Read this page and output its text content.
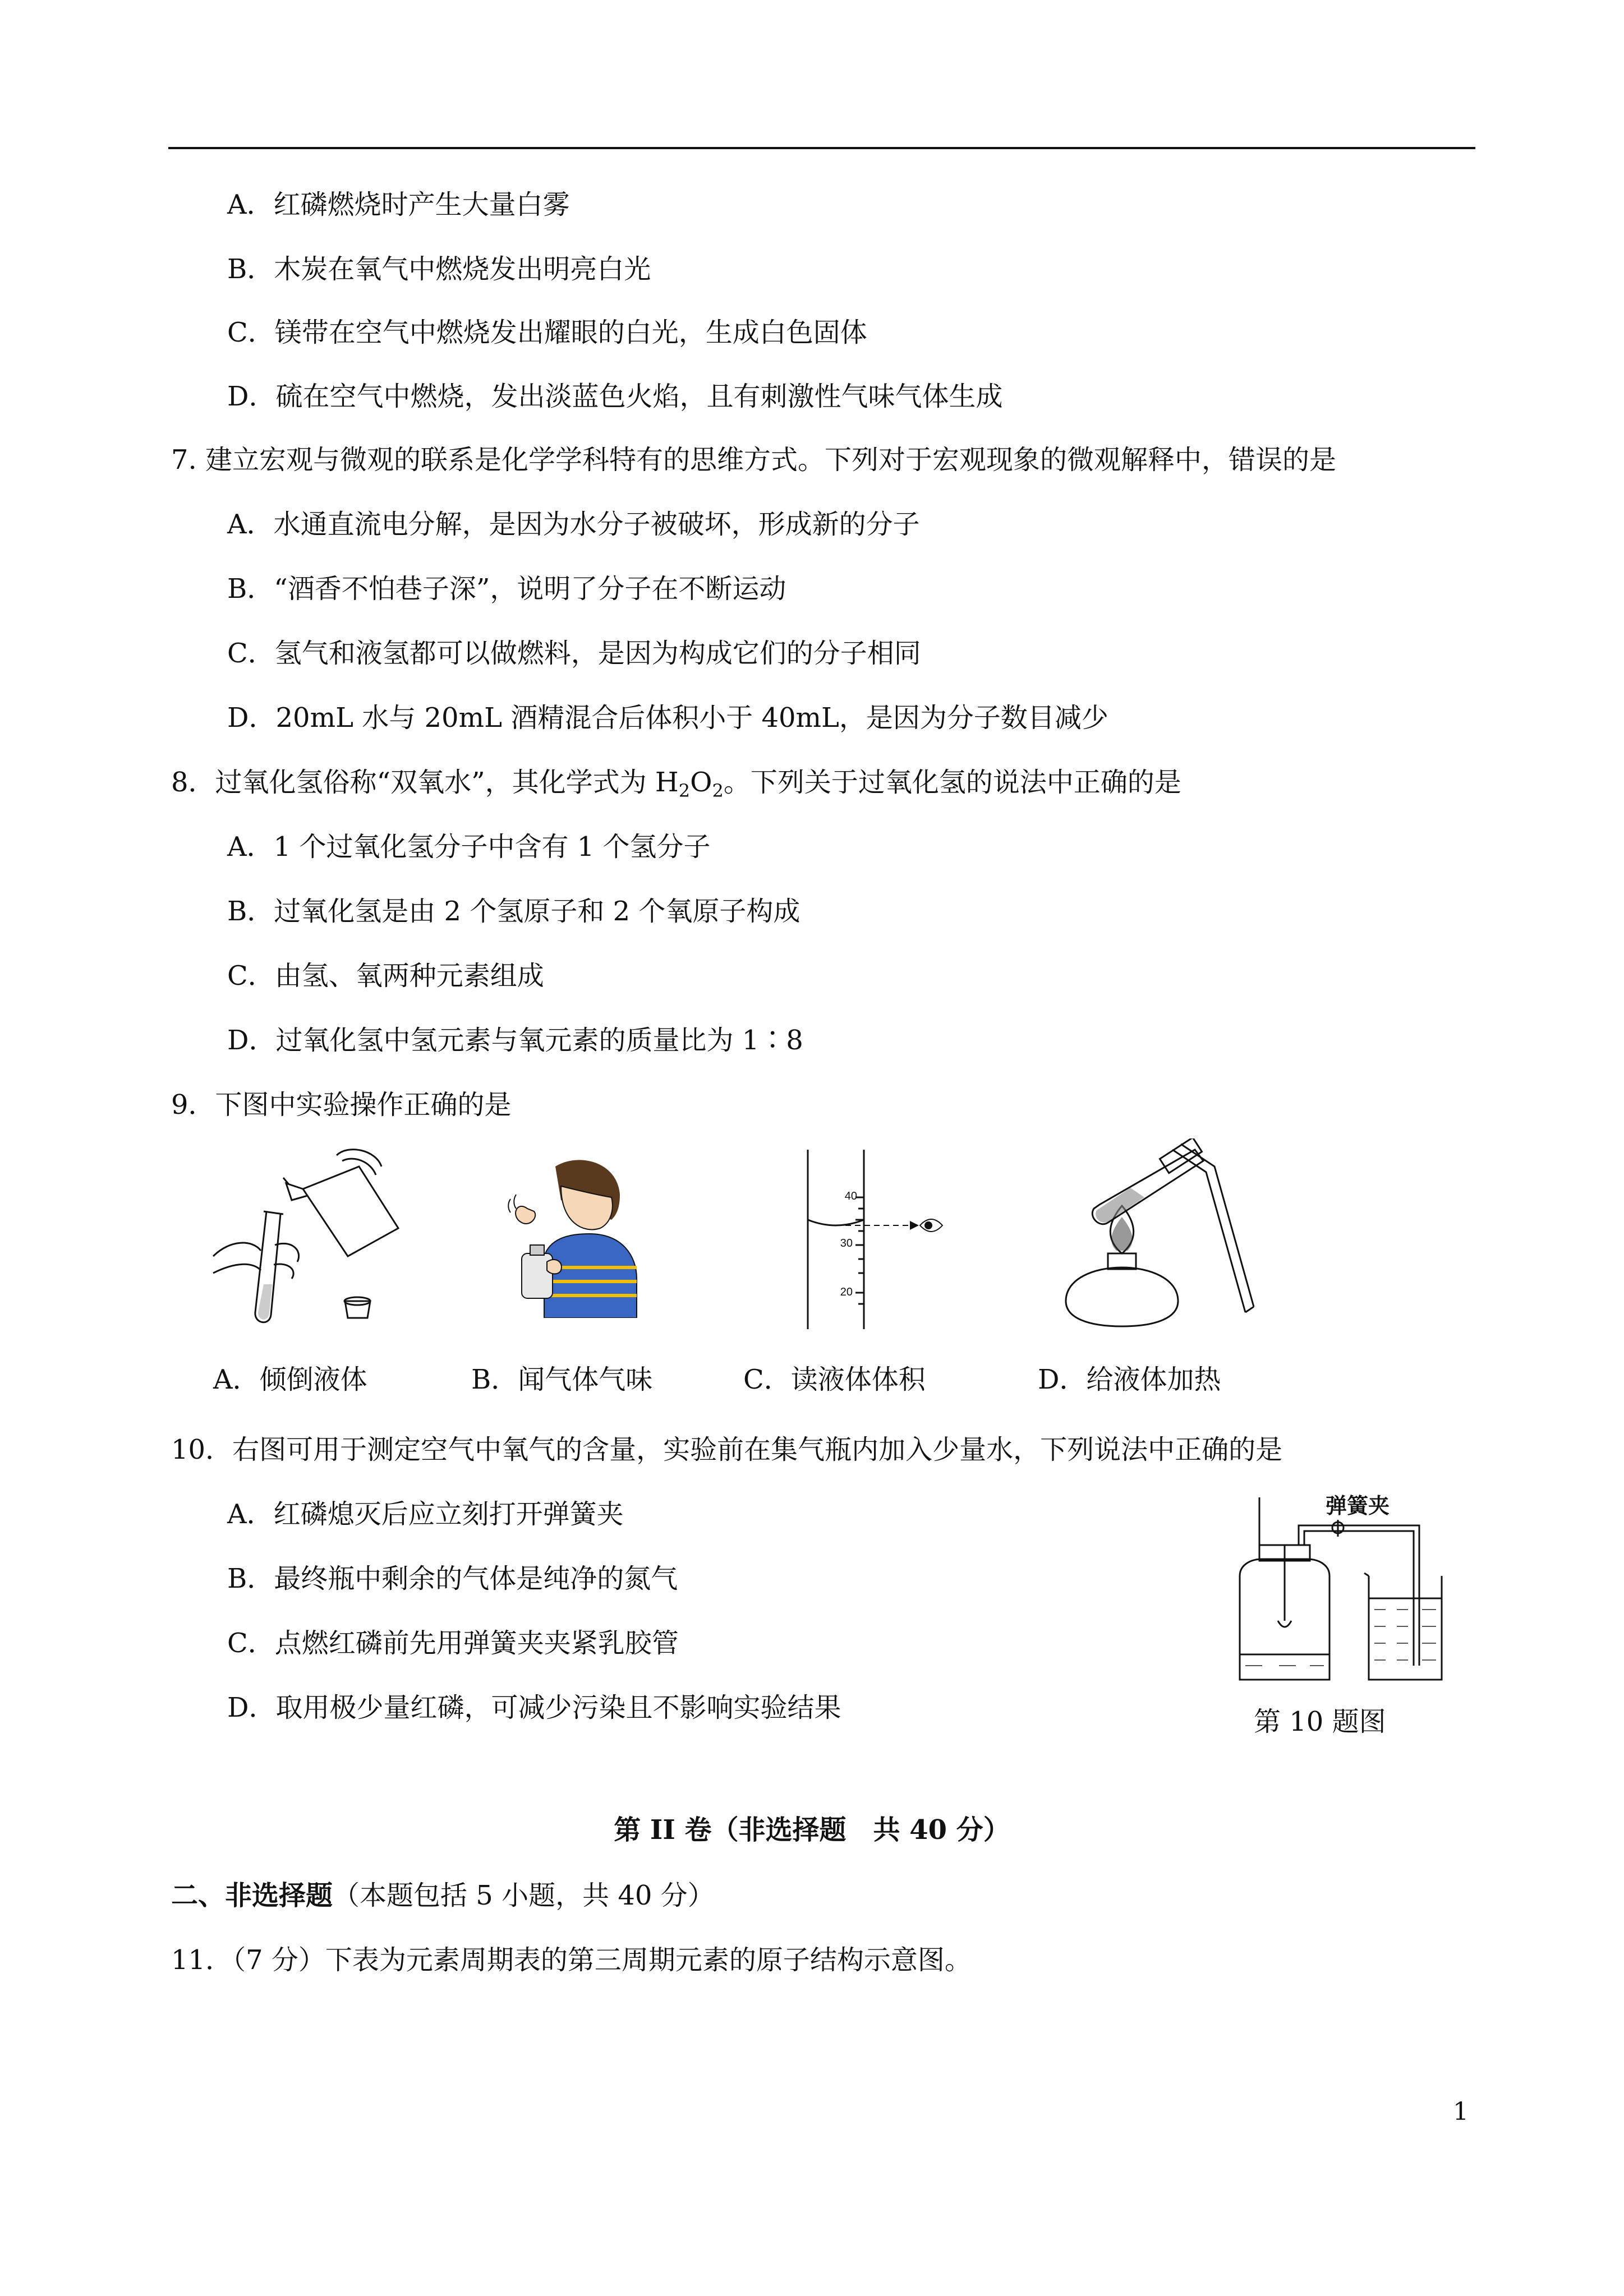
A．红磷燃烧时产生大量白雾
B．木炭在氧气中燃烧发出明亮白光
C．镁带在空气中燃烧发出耀眼的白光，生成白色固体
D．硫在空气中燃烧，发出淡蓝色火焰，且有刺激性气味气体生成
7. 建立宏观与微观的联系是化学学科特有的思维方式。下列对于宏观现象的微观解释中，错误的是
A．水通直流电分解，是因为水分子被破坏，形成新的分子
B．“酒香不怕巷子深”，说明了分子在不断运动
C．氢气和液氢都可以做燃料，是因为构成它们的分子相同
D．20mL 水与 20mL 酒精混合后体积小于 40mL，是因为分子数目减少
8．过氧化氢俗称“双氧水”，其化学式为 $H_2O_2$。下列关于过氧化氢的说法中正确的是
A．1 个过氧化氢分子中含有 1 个氢分子
B．过氧化氢是由 2 个氢原子和 2 个氧原子构成
C．由氢、氧两种元素组成
D．过氧化氢中氢元素与氧元素的质量比为 1∶8
9．下图中实验操作正确的是
40
30
20
A．倾倒液体	B．闻气体气味	C．读液体体积	D．给液体加热
10．右图可用于测定空气中氧气的含量，实验前在集气瓶内加入少量水，下列说法中正确的是
A．红磷熄灭后应立刻打开弹簧夹
B．最终瓶中剩余的气体是纯净的氮气
C．点燃红磷前先用弹簧夹夹紧乳胶管
D．取用极少量红磷，可减少污染且不影响实验结果
弹簧夹
第 10 题图
第 II 卷（非选择题　共 40 分）
二、非选择题（本题包括 5 小题，共 40 分）
11．（7 分）下表为元素周期表的第三周期元素的原子结构示意图。
1
